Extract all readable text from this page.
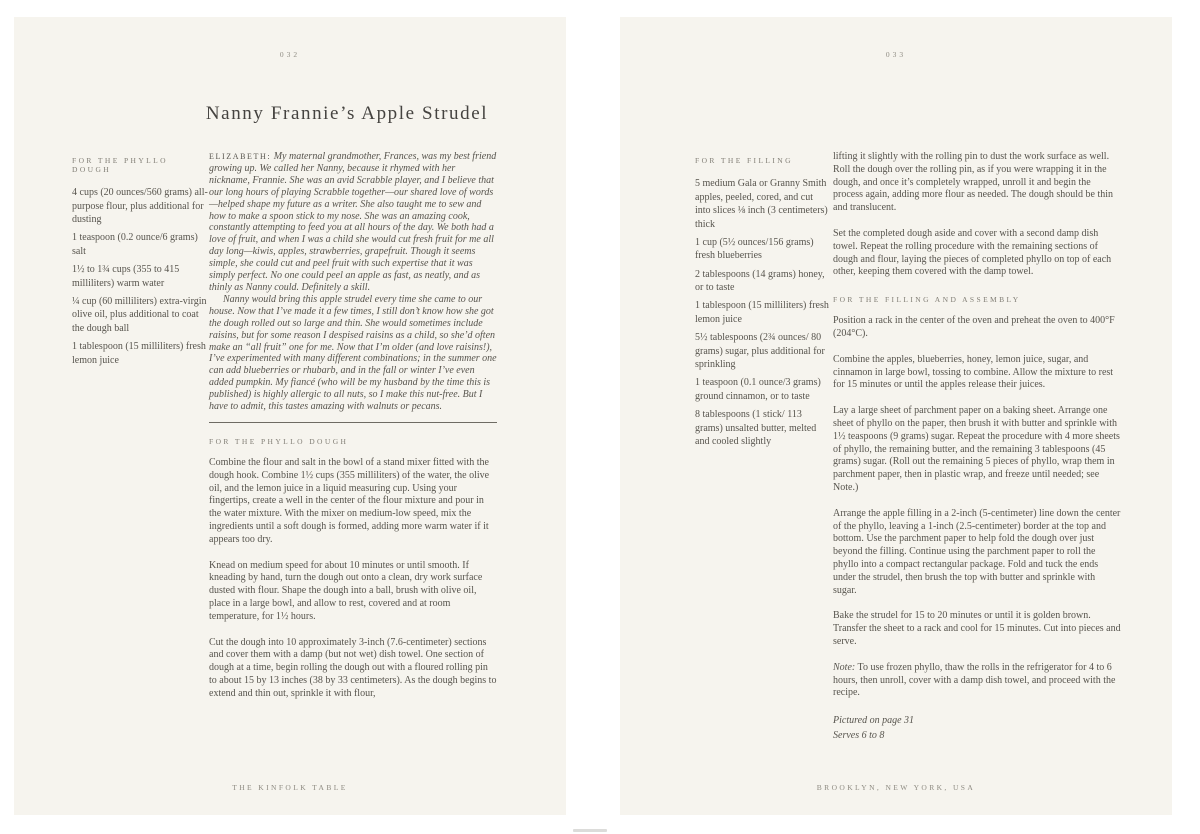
032
Nanny Frannie’s Apple Strudel
FOR THE PHYLLO DOUGH

4 cups (20 ounces/560 grams) all-purpose flour, plus additional for dusting

1 teaspoon (0.2 ounce/6 grams) salt

1½ to 1¾ cups (355 to 415 milliliters) warm water

¼ cup (60 milliliters) extra-virgin olive oil, plus additional to coat the dough ball

1 tablespoon (15 milliliters) fresh lemon juice

ELIZABETH: My maternal grandmother, Frances, was my best friend growing up. We called her Nanny, because it rhymed with her nickname, Frannie. She was an avid Scrabble player, and I believe that our long hours of playing Scrabble together—our shared love of words—helped shape my future as a writer. She also taught me to sew and how to make a spoon stick to my nose. She was an amazing cook, constantly attempting to feed you at all hours of the day. We both had a love of fruit, and when I was a child she would cut fresh fruit for me all day long—kiwis, apples, strawberries, grapefruit. Though it seems simple, she could cut and peel fruit with such expertise that it was simply perfect. No one could peel an apple as fast, as neatly, and as thinly as Nanny could. Definitely a skill.

Nanny would bring this apple strudel every time she came to our house. Now that I’ve made it a few times, I still don’t know how she got the dough rolled out so large and thin. She would sometimes include raisins, but for some reason I despised raisins as a child, so she’d often make an “all fruit” one for me. Now that I’m older (and love raisins!), I’ve experimented with many different combinations; in the summer one can add blueberries or rhubarb, and in the fall or winter I’ve even added pumpkin. My fiancé (who will be my husband by the time this is published) is highly allergic to all nuts, so I make this nut-free. But I have to admit, this tastes amazing with walnuts or pecans.

FOR THE PHYLLO DOUGH

Combine the flour and salt in the bowl of a stand mixer fitted with the dough hook. Combine 1½ cups (355 milliliters) of the water, the olive oil, and the lemon juice in a liquid measuring cup. Using your fingertips, create a well in the center of the flour mixture and pour in the water mixture. With the mixer on medium-low speed, mix the ingredients until a soft dough is formed, adding more warm water if it appears too dry.

Knead on medium speed for about 10 minutes or until smooth. If kneading by hand, turn the dough out onto a clean, dry work surface dusted with flour. Shape the dough into a ball, brush with olive oil, place in a large bowl, and allow to rest, covered and at room temperature, for 1½ hours.

Cut the dough into 10 approximately 3-inch (7.6-centimeter) sections and cover them with a damp (but not wet) dish towel. One section of dough at a time, begin rolling the dough out with a floured rolling pin to about 15 by 13 inches (38 by 33 centimeters). As the dough begins to extend and thin out, sprinkle it with flour,

THE KINFOLK TABLE
033
FOR THE FILLING

5 medium Gala or Granny Smith apples, peeled, cored, and cut into slices ⅛ inch (3 centimeters) thick

1 cup (5½ ounces/156 grams) fresh blueberries

2 tablespoons (14 grams) honey, or to taste

1 tablespoon (15 milliliters) fresh lemon juice

5½ tablespoons (2¾ ounces/ 80 grams) sugar, plus additional for sprinkling

1 teaspoon (0.1 ounce/3 grams) ground cinnamon, or to taste

8 tablespoons (1 stick/ 113 grams) unsalted butter, melted and cooled slightly

lifting it slightly with the rolling pin to dust the work surface as well. Roll the dough over the rolling pin, as if you were wrapping it in the dough, and once it’s completely wrapped, unroll it and begin the process again, adding more flour as needed. The dough should be thin and translucent.

Set the completed dough aside and cover with a second damp dish towel. Repeat the rolling procedure with the remaining sections of dough and flour, laying the pieces of completed phyllo on top of each other, keeping them covered with the damp towel.

FOR THE FILLING AND ASSEMBLY

Position a rack in the center of the oven and preheat the oven to 400°F (204°C).

Combine the apples, blueberries, honey, lemon juice, sugar, and cinnamon in large bowl, tossing to combine. Allow the mixture to rest for 15 minutes or until the apples release their juices.

Lay a large sheet of parchment paper on a baking sheet. Arrange one sheet of phyllo on the paper, then brush it with butter and sprinkle with 1½ teaspoons (9 grams) sugar. Repeat the procedure with 4 more sheets of phyllo, the remaining butter, and the remaining 3 tablespoons (45 grams) sugar. (Roll out the remaining 5 pieces of phyllo, wrap them in parchment paper, then in plastic wrap, and freeze until needed; see Note.)

Arrange the apple filling in a 2-inch (5-centimeter) line down the center of the phyllo, leaving a 1-inch (2.5-centimeter) border at the top and bottom. Use the parchment paper to help fold the dough over just beyond the filling. Continue using the parchment paper to roll the phyllo into a compact rectangular package. Fold and tuck the ends under the strudel, then brush the top with butter and sprinkle with sugar.

Bake the strudel for 15 to 20 minutes or until it is golden brown. Transfer the sheet to a rack and cool for 15 minutes. Cut into pieces and serve.

Note: To use frozen phyllo, thaw the rolls in the refrigerator for 4 to 6 hours, then unroll, cover with a damp dish towel, and proceed with the recipe.

Pictured on page 31

Serves 6 to 8

BROOKLYN, NEW YORK, USA
